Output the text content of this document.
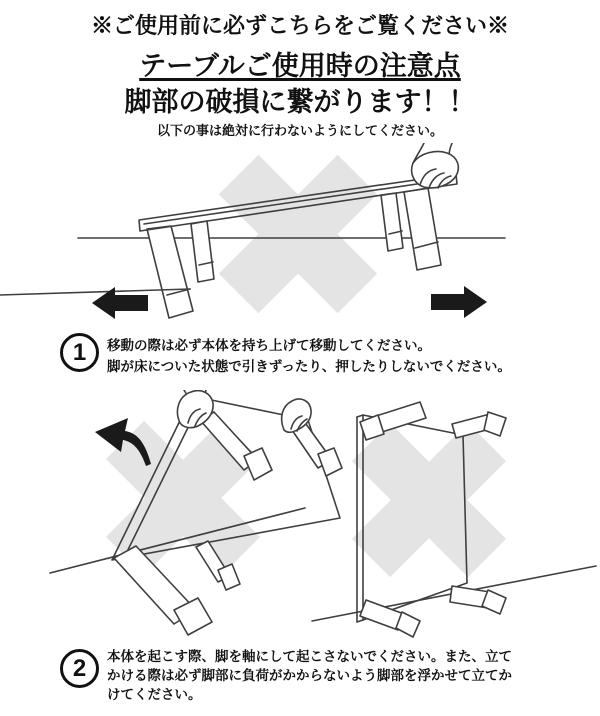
※ご使用前に必ずこちらをご覧ください※
テーブルご使用時の注意点
脚部の破損に繋がります！！
以下の事は絶対に行わないようにしてください。
1 移動の際は必ず本体を持ち上げて移動してください。
脚が床についた状態で引きずったり、押したりしないでください。
2 本体を起こす際、脚を軸にして起こさないでください。また、立て
かける際は必ず脚部に負荷がかからないよう脚部を浮かせて立てか
けてください。
